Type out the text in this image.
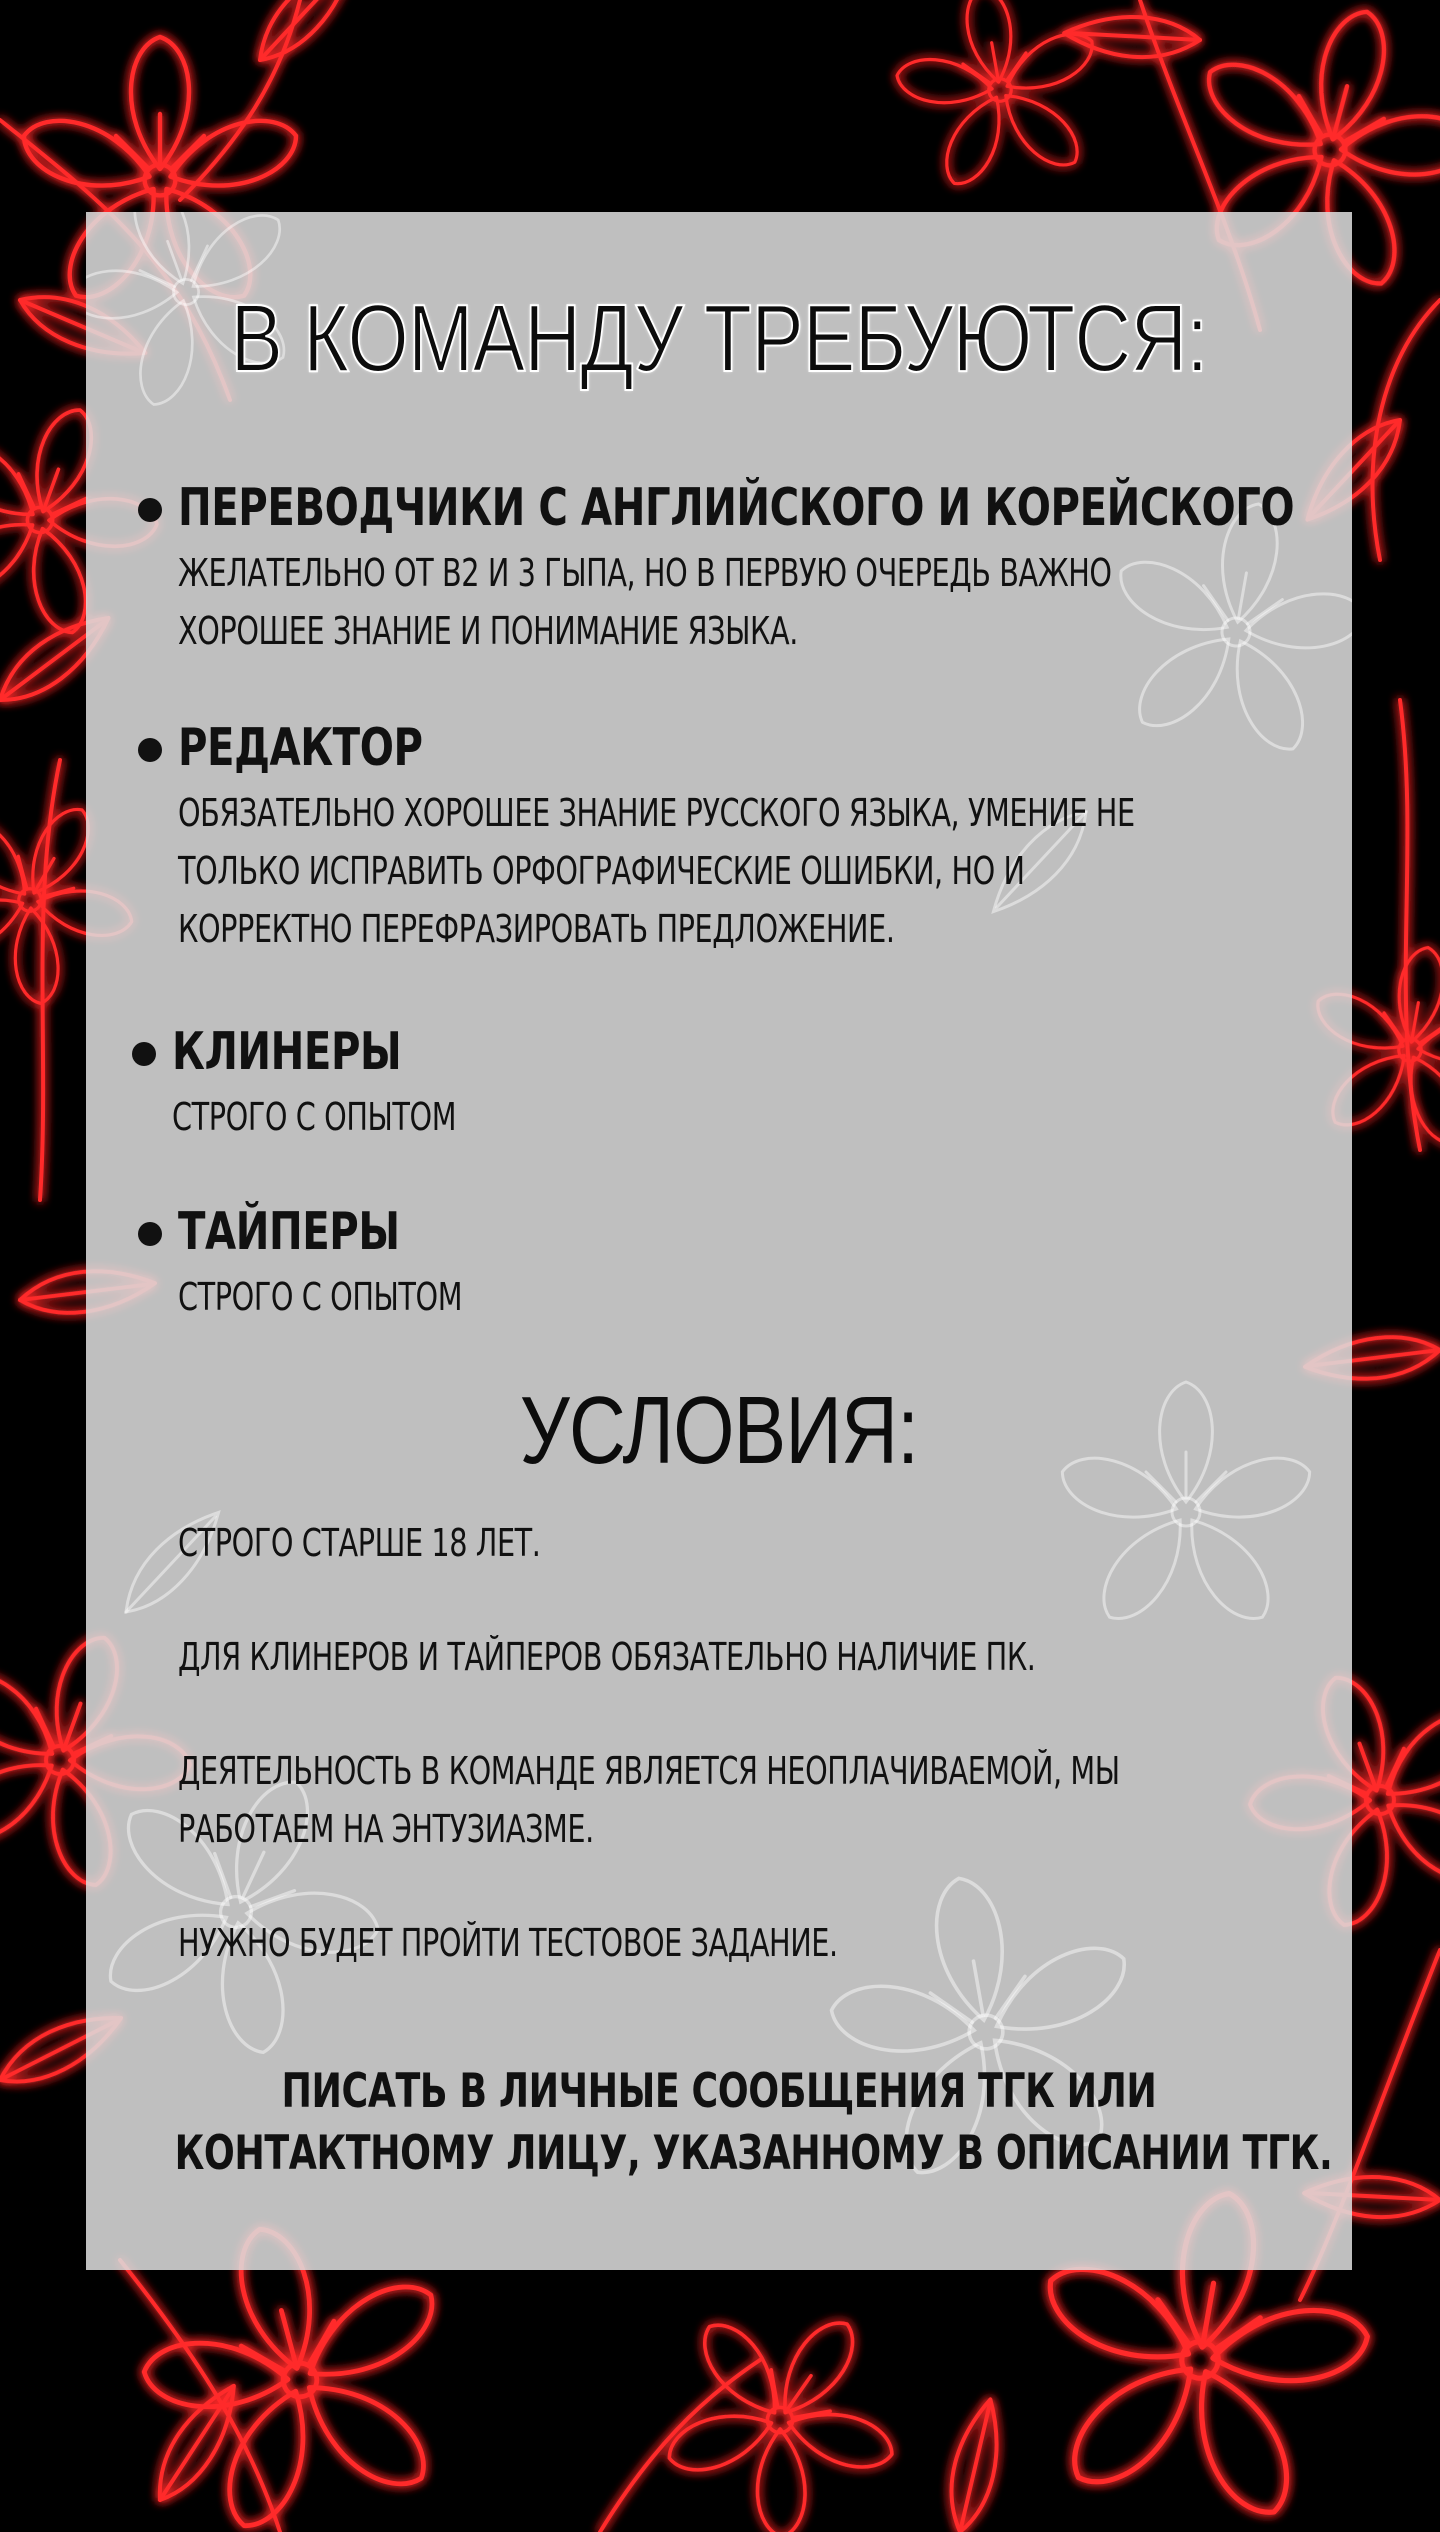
В КОМАНДУ ТРЕБУЮТСЯ:
ПЕРЕВОДЧИКИ С АНГЛИЙСКОГО И КОРЕЙСКОГО
ЖЕЛАТЕЛЬНО ОТ B2 И 3 ГЫПА, НО В ПЕРВУЮ ОЧЕРЕДЬ ВАЖНО
ХОРОШЕЕ ЗНАНИЕ И ПОНИМАНИЕ ЯЗЫКА.
РЕДАКТОР
ОБЯЗАТЕЛЬНО ХОРОШЕЕ ЗНАНИЕ РУССКОГО ЯЗЫКА, УМЕНИЕ НЕ
ТОЛЬКО ИСПРАВИТЬ ОРФОГРАФИЧЕСКИЕ ОШИБКИ, НО И
КОРРЕКТНО ПЕРЕФРАЗИРОВАТЬ ПРЕДЛОЖЕНИЕ.
КЛИНЕРЫ
СТРОГО С ОПЫТОМ
ТАЙПЕРЫ
СТРОГО С ОПЫТОМ
УСЛОВИЯ:
СТРОГО СТАРШЕ 18 ЛЕТ.
ДЛЯ КЛИНЕРОВ И ТАЙПЕРОВ ОБЯЗАТЕЛЬНО НАЛИЧИЕ ПК.
ДЕЯТЕЛЬНОСТЬ В КОМАНДЕ ЯВЛЯЕТСЯ НЕОПЛАЧИВАЕМОЙ, МЫ
РАБОТАЕМ НА ЭНТУЗИАЗМЕ.
НУЖНО БУДЕТ ПРОЙТИ ТЕСТОВОЕ ЗАДАНИЕ.
ПИСАТЬ В ЛИЧНЫЕ СООБЩЕНИЯ ТГК ИЛИ
КОНТАКТНОМУ ЛИЦУ, УКАЗАННОМУ В ОПИСАНИИ ТГК.
